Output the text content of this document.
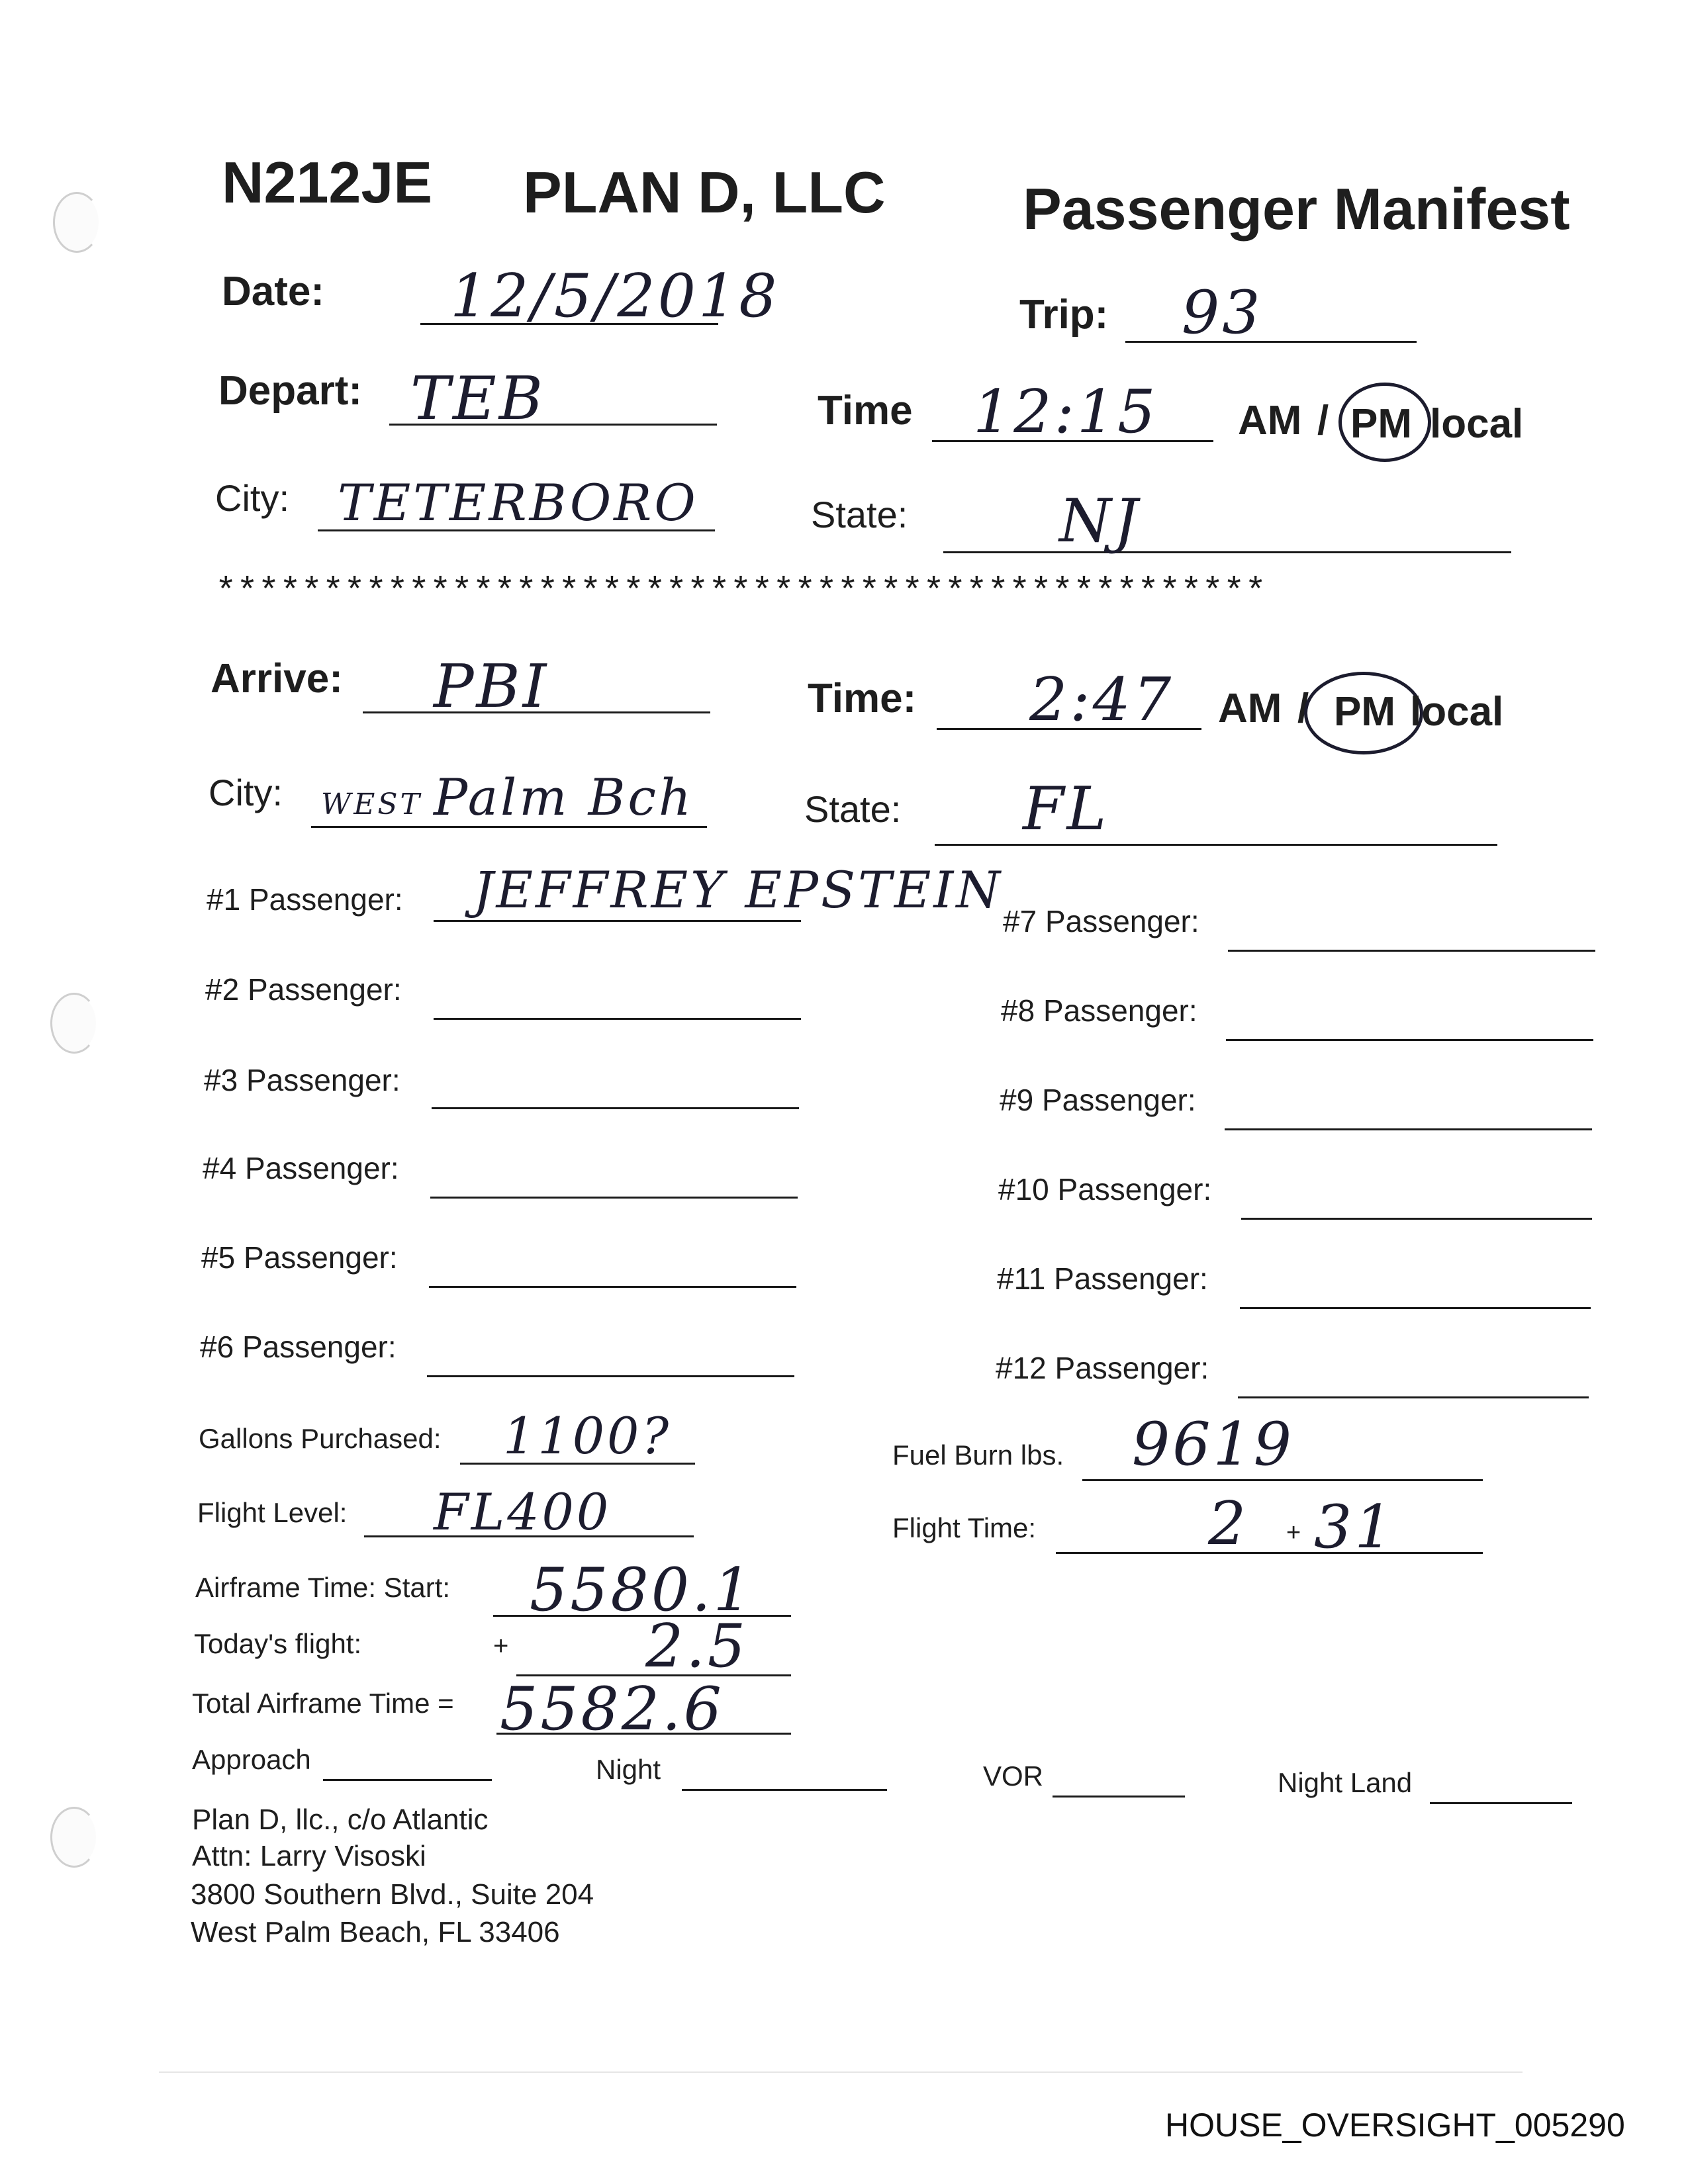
N212JE PLAN D, LLC Passenger Manifest
Date: 12/5/2018	Trip: 93
Depart: TEB	Time 12:15 AM / PM local
City: TETERBORO	State:	NJ
*************************************************
Arrive: PBI	Time: 2:47 AM / PM local
City: WEST Palm Bch	State: FL
#1 Passenger: JEFFREY EPSTEIN
#2 Passenger:
#3 Passenger:
#4 Passenger:
#5 Passenger:
#6 Passenger:
#7 Passenger:
#8 Passenger:
#9 Passenger:
#10 Passenger:
#11 Passenger:
#12 Passenger:
Gallons Purchased: 1100?	Fuel Burn lbs. 9619
Flight Level: FL400	Flight Time:	2 + 31
Airframe Time: Start: 5580.1
Today's flight:	+ 2.5
Total Airframe Time = 5582.6
Approach	Night	VOR	Night Land
Plan D, llc., c/o Atlantic
Attn: Larry Visoski
3800 Southern Blvd., Suite 204
West Palm Beach, FL 33406
HOUSE_OVERSIGHT_005290
